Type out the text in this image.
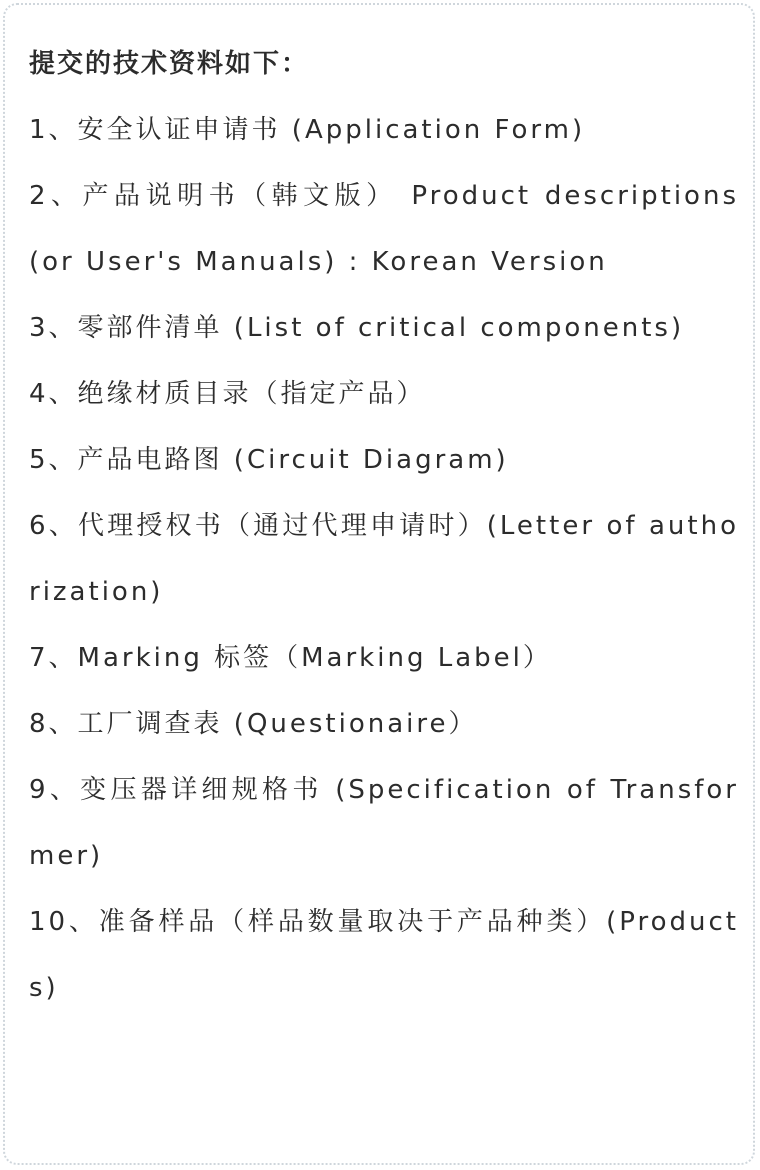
提交的技术资料如下：

1、安全认证申请书 (Application Form)

2、产品说明书（韩文版） Product descriptions (or User's Manuals) : Korean Version

3、零部件清单 (List of critical components)

4、绝缘材质目录（指定产品）

5、产品电路图 (Circuit Diagram)

6、代理授权书（通过代理申请时）(Letter of authorization)

7、Marking 标签（Marking Label）

8、工厂调查表 (Questionaire）

9、变压器详细规格书 (Specification of Transformer)

10、准备样品（样品数量取决于产品种类）(Products)
